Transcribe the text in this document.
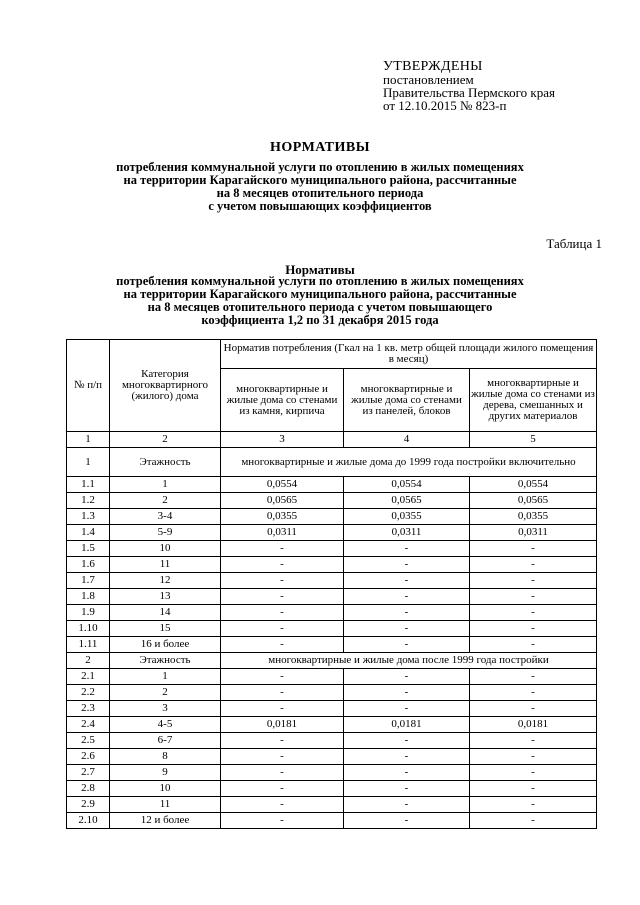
УТВЕРЖДЕНЫ
постановлением
Правительства Пермского края
от 12.10.2015 № 823-п
НОРМАТИВЫ
потребления коммунальной услуги по отоплению в жилых помещениях
на территории Карагайского муниципального района, рассчитанные
на 8 месяцев отопительного периода
с учетом повышающих коэффициентов
Таблица 1
Нормативы
потребления коммунальной услуги по отоплению в жилых помещениях
на территории Карагайского муниципального района, рассчитанные
на 8 месяцев отопительного периода с учетом повышающего
коэффициента 1,2 по 31 декабря 2015 года
№ п/п	Категория многоквартирного (жилого) дома	Норматив потребления (Гкал на 1 кв. метр общей площади жилого помещения в месяц)		
		многоквартирные и жилые дома со стенами из камня, кирпича	многоквартирные и жилые дома со стенами из панелей, блоков	многоквартирные и жилые дома со стенами из дерева, смешанных и других материалов
1	2	3	4	5
1	Этажность	многоквартирные и жилые дома до 1999 года постройки включительно		
1.1	1	0,0554	0,0554	0,0554
1.2	2	0,0565	0,0565	0,0565
1.3	3-4	0,0355	0,0355	0,0355
1.4	5-9	0,0311	0,0311	0,0311
1.5	10	-	-	-
1.6	11	-	-	-
1.7	12	-	-	-
1.8	13	-	-	-
1.9	14	-	-	-
1.10	15	-	-	-
1.11	16 и более	-	-	-
2	Этажность	многоквартирные и жилые дома после 1999 года постройки		
2.1	1	-	-	-
2.2	2	-	-	-
2.3	3	-	-	-
2.4	4-5	0,0181	0,0181	0,0181
2.5	6-7	-	-	-
2.6	8	-	-	-
2.7	9	-	-	-
2.8	10	-	-	-
2.9	11	-	-	-
2.10	12 и более	-	-	-
